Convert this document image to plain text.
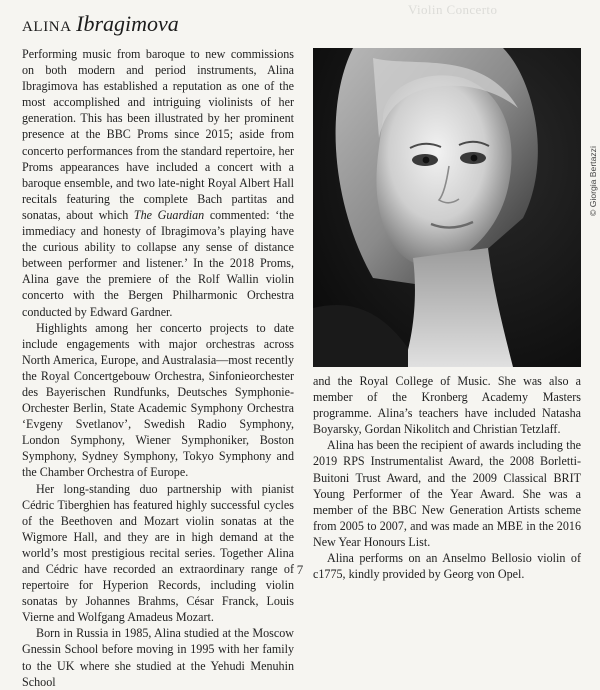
Violin Concerto
ALINA Ibragimova

Performing music from baroque to new commissions on both modern and period instruments, Alina Ibragimova has established a reputation as one of the most accomplished and intriguing violinists of her generation. This has been illustrated by her prominent presence at the BBC Proms since 2015; aside from concerto performances from the standard repertoire, her Proms appearances have included a concert with a baroque ensemble, and two late-night Royal Albert Hall recitals featuring the complete Bach partitas and sonatas, about which The Guardian commented: ‘the immediacy and honesty of Ibragimova’s playing have the curious ability to collapse any sense of distance between performer and listener.’ In the 2018 Proms, Alina gave the premiere of the Rolf Wallin violin concerto with the Bergen Philharmonic Orchestra conducted by Edward Gardner.

Highlights among her concerto projects to date include engagements with major orchestras across North America, Europe, and Australasia—most recently the Royal Concertgebouw Orchestra, Sinfonieorchester des Bayerischen Rundfunks, Deutsches Symphonie-Orchester Berlin, State Academic Symphony Orchestra ‘Evgeny Svetlanov’, Swedish Radio Symphony, London Symphony, Wiener Symphoniker, Boston Symphony, Sydney Symphony, Tokyo Symphony and the Chamber Orchestra of Europe.

Her long-standing duo partnership with pianist Cédric Tiberghien has featured highly successful cycles of the Beethoven and Mozart violin sonatas at the Wigmore Hall, and they are in high demand at the world’s most prestigious recital series. Together Alina and Cédric have recorded an extraordinary range of repertoire for Hyperion Records, including violin sonatas by Johannes Brahms, César Franck, Louis Vierne and Wolfgang Amadeus Mozart.

Born in Russia in 1985, Alina studied at the Moscow Gnessin School before moving in 1995 with her family to the UK where she studied at the Yehudi Menuhin School

© Giorgia Bertazzi

and the Royal College of Music. She was also a member of the Kronberg Academy Masters programme. Alina’s teachers have included Natasha Boyarsky, Gordan Nikolitch and Christian Tetzlaff.

Alina has been the recipient of awards including the 2019 RPS Instrumentalist Award, the 2008 Borletti-Buitoni Trust Award, and the 2009 Classical BRIT Young Performer of the Year Award. She was a member of the BBC New Generation Artists scheme from 2005 to 2007, and was made an MBE in the 2016 New Year Honours List.

Alina performs on an Anselmo Bellosio violin of c1775, kindly provided by Georg von Opel.

7
